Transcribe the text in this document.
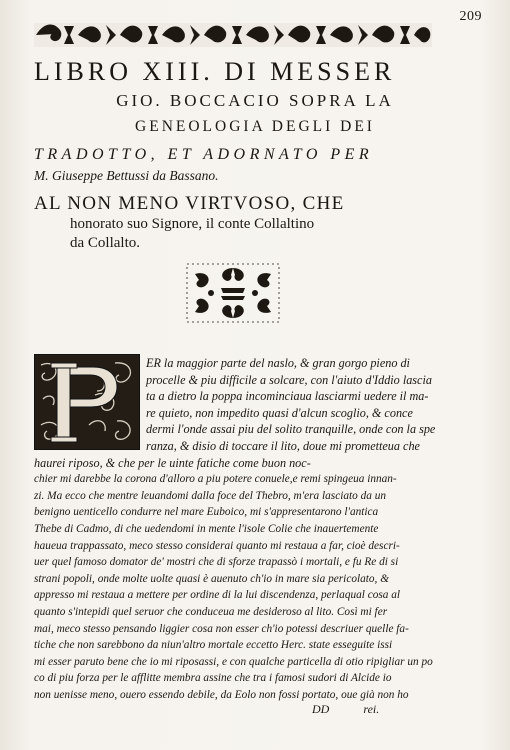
209
LIBRO XIII. DI MESSER
GIO. BOCCACIO SOPRA LA
GENEOLOGIA DEGLI DEI
TRADOTTO, ET ADORNATO PER
M. Giuseppe Bettussi da Bassano.
AL NON MENO VIRTVOSO, CHE
honorato suo Signore, il conte Collaltino
da Collalto.
ER la maggior parte del naslo, & gran gorgo pieno di
procelle & piu difficile a solcare, con l'aiuto d'Iddio lascia
ta a dietro la poppa incominciaua lasciarmi uedere il ma-
re quieto, non impedito quasi d'alcun scoglio, & conce
dermi l'onde assai piu del solito tranquille, onde con la spe
ranza, & disio di toccare il lito, doue mi prometteua che
haurei riposo, & che per le uinte fatiche come buon noc-
chier mi darebbe la corona d'alloro a piu potere conuele,e remi spingeua innan-
zi. Ma ecco che mentre leuandomi dalla foce del Thebro, m'era lasciato da un
benigno uenticello condurre nel mare Euboico, mi s'appresentarono l'antica
Thebe di Cadmo, di che uedendomi in mente l'isole Colie che inauertemente
haueua trappassato, meco stesso considerai quanto mi restaua a far, cioè descri-
uer quel famoso domator de' mostri che di sforze trapassò i mortali, e fu Re di si
strani popoli, onde molte uolte quasi è auenuto ch'io in mare sia pericolato, &
appresso mi restaua a mettere per ordine di la lui discendenza, perlaqual cosa al
quanto s'intepidi quel seruor che conduceua me desideroso al lito. Così mi fer
mai, meco stesso pensando liggier cosa non esser ch'io potessi descriuer quelle fa-
tiche che non sarebbono da niun'altro mortale eccetto Herc. state esseguite issi
mi esser paruto bene che io mi riposassi, e con qualche particella di otio ripigliar un po
co di piu forza per le afflitte membra assine che tra i famosi sudori di Alcide io
non uenisse meno, ouero essendo debile, da Eolo non fossi portato, oue già non ho
DD	rei.
